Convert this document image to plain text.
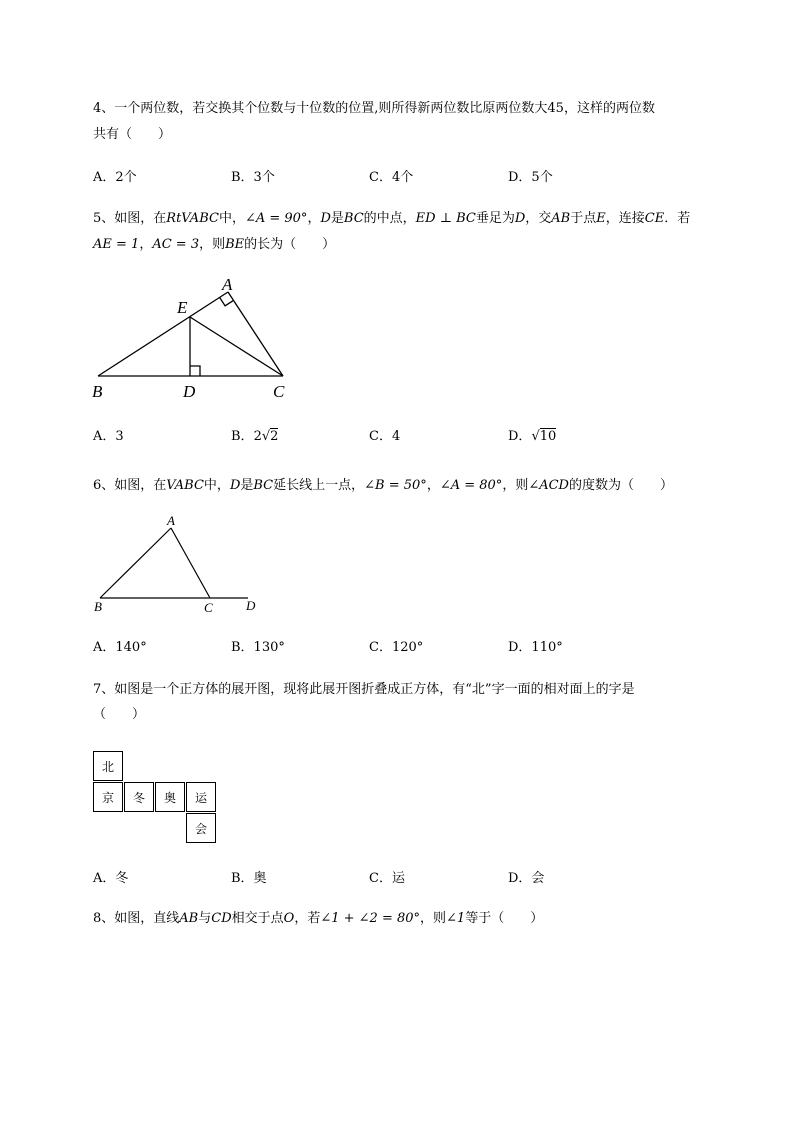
4、一个两位数，若交换其个位数与十位数的位置,则所得新两位数比原两位数大45，这样的两位数
共有（　　）
A．2个	B．3个	C．4个	D．5个
5、如图，在RtVABC中，∠A = 90°，D是BC的中点，ED ⊥ BC垂足为D，交AB于点E，连接CE．若
AE = 1，AC = 3，则BE的长为（　　）
A
E
B	D	C
A．3	B．2√2	C．4	D．√10
6、如图，在VABC中，D是BC延长线上一点，∠B = 50°，∠A = 80°，则∠ACD的度数为（　　）
A
B	C	D
A．140°	B．130°	C．120°	D．110°
7、如图是一个正方体的展开图，现将此展开图折叠成正方体，有“北”字一面的相对面上的字是
（　　）
北
京	冬	奥	运
会
A．冬	B．奥	C．运	D．会
8、如图，直线AB与CD相交于点O，若∠1 + ∠2 = 80°，则∠1等于（　　）
